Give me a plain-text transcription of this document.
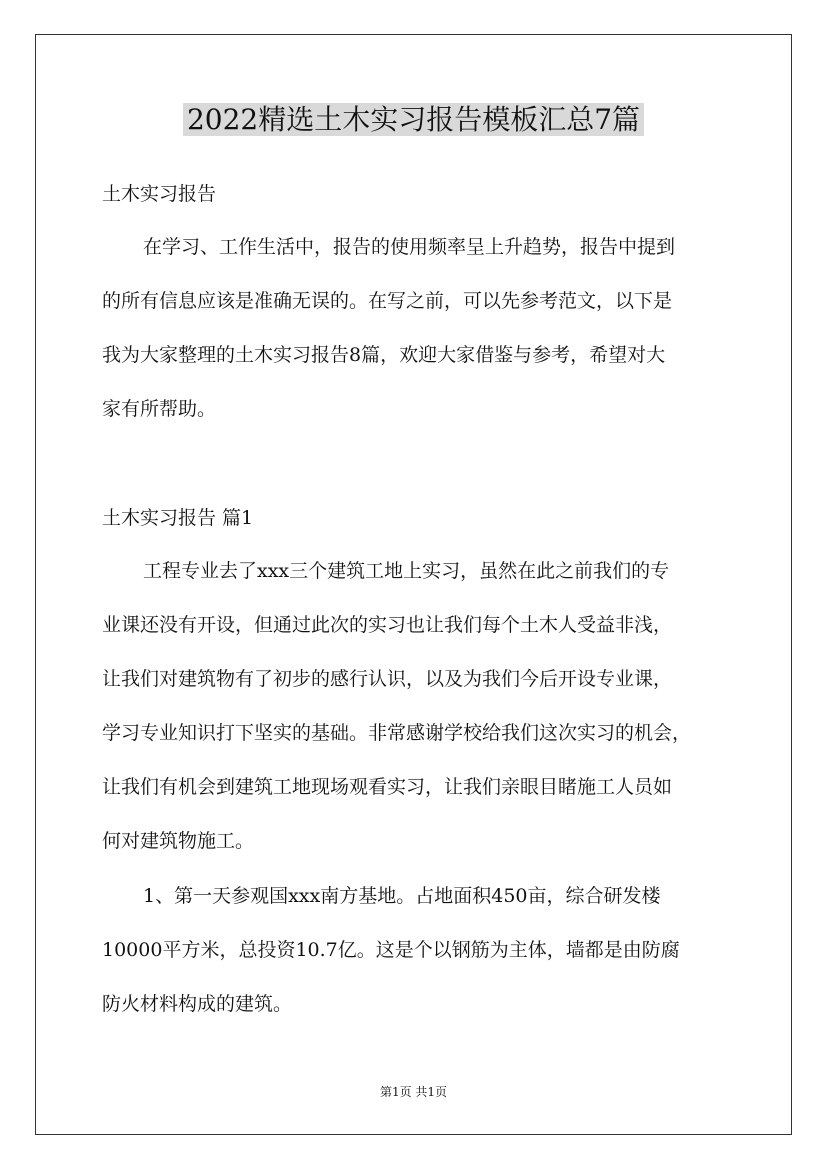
2022精选土木实习报告模板汇总7篇

土木实习报告

在学习、工作生活中，报告的使用频率呈上升趋势，报告中提到

的所有信息应该是准确无误的。在写之前，可以先参考范文，以下是

我为大家整理的土木实习报告8篇，欢迎大家借鉴与参考，希望对大

家有所帮助。

土木实习报告 篇1

工程专业去了xxx三个建筑工地上实习，虽然在此之前我们的专

业课还没有开设，但通过此次的实习也让我们每个土木人受益非浅，

让我们对建筑物有了初步的感行认识，以及为我们今后开设专业课，

学习专业知识打下坚实的基础。非常感谢学校给我们这次实习的机会，

让我们有机会到建筑工地现场观看实习，让我们亲眼目睹施工人员如

何对建筑物施工。

1、第一天参观国xxx南方基地。占地面积450亩，综合研发楼

10000平方米，总投资10.7亿。这是个以钢筋为主体，墙都是由防腐

防火材料构成的建筑。

第1页 共1页
